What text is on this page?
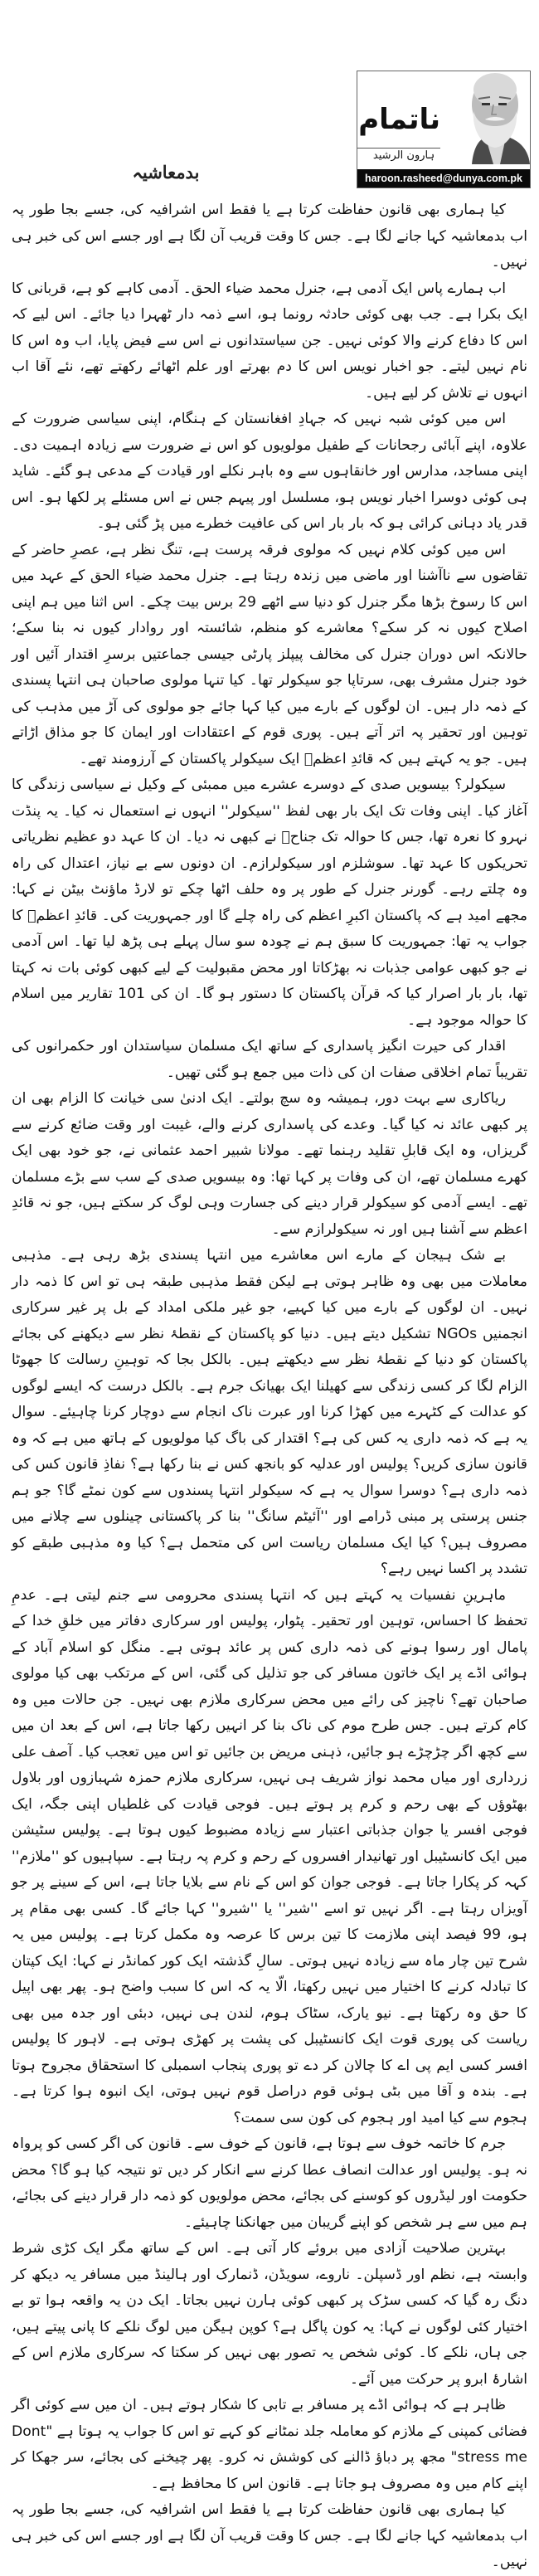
بدمعاشیہ
ناتمام
ہارون الرشید
haroon.rasheed@dunya.com.pk

کیا ہماری بھی قانون حفاظت کرتا ہے یا فقط اس اشرافیہ کی، جسے بجا طور پہ اب بدمعاشیہ کہا جانے لگا ہے۔ جس کا وقت قریب آن لگا ہے اور جسے اس کی خبر ہی نہیں۔

اب ہمارے پاس ایک آدمی ہے، جنرل محمد ضیاء الحق۔ آدمی کاہے کو ہے، قربانی کا ایک بکرا ہے۔ جب بھی کوئی حادثہ رونما ہو، اسے ذمہ دار ٹھہرا دیا جائے۔ اس لیے کہ اس کا دفاع کرنے والا کوئی نہیں۔ جن سیاستدانوں نے اس سے فیض پایا، اب وہ اس کا نام نہیں لیتے۔ جو اخبار نویس اس کا دم بھرتے اور علم اٹھائے رکھتے تھے، نئے آقا اب انہوں نے تلاش کر لیے ہیں۔

اس میں کوئی شبہ نہیں کہ جہادِ افغانستان کے ہنگام، اپنی سیاسی ضرورت کے علاوہ، اپنے آبائی رجحانات کے طفیل مولویوں کو اس نے ضرورت سے زیادہ اہمیت دی۔ اپنی مساجد، مدارس اور خانقاہوں سے وہ باہر نکلے اور قیادت کے مدعی ہو گئے۔ شاید ہی کوئی دوسرا اخبار نویس ہو، مسلسل اور پیہم جس نے اس مسئلے پر لکھا ہو۔ اس قدر یاد دہانی کرائی ہو کہ بار بار اس کی عافیت خطرے میں پڑ گئی ہو۔

اس میں کوئی کلام نہیں کہ مولوی فرقہ پرست ہے، تنگ نظر ہے، عصرِ حاضر کے تقاضوں سے ناآشنا اور ماضی میں زندہ رہتا ہے۔ جنرل محمد ضیاء الحق کے عہد میں اس کا رسوخ بڑھا مگر جنرل کو دنیا سے اٹھے 29 برس بیت چکے۔ اس اثنا میں ہم اپنی اصلاح کیوں نہ کر سکے؟ معاشرے کو منظم، شائستہ اور روادار کیوں نہ بنا سکے؛ حالانکہ اس دوران جنرل کی مخالف پیپلز پارٹی جیسی جماعتیں برسرِ اقتدار آئیں اور خود جنرل مشرف بھی، سرتاپا جو سیکولر تھا۔ کیا تنہا مولوی صاحبان ہی انتہا پسندی کے ذمہ دار ہیں۔ ان لوگوں کے بارے میں کیا کہا جائے جو مولوی کی آڑ میں مذہب کی توہین اور تحقیر پہ اتر آتے ہیں۔ پوری قوم کے اعتقادات اور ایمان کا جو مذاق اڑاتے ہیں۔ جو یہ کہتے ہیں کہ قائدِ اعظمؒ ایک سیکولر پاکستان کے آرزومند تھے۔

سیکولر؟ بیسویں صدی کے دوسرے عشرے میں ممبئی کے وکیل نے سیاسی زندگی کا آغاز کیا۔ اپنی وفات تک ایک بار بھی لفظ ''سیکولر'' انہوں نے استعمال نہ کیا۔ یہ پنڈت نہرو کا نعرہ تھا، جس کا حوالہ تک جناحؒ نے کبھی نہ دیا۔ ان کا عہد دو عظیم نظریاتی تحریکوں کا عہد تھا۔ سوشلزم اور سیکولرازم۔ ان دونوں سے بے نیاز، اعتدال کی راہ وہ چلتے رہے۔ گورنر جنرل کے طور پر وہ حلف اٹھا چکے تو لارڈ ماؤنٹ بیٹن نے کہا: مجھے امید ہے کہ پاکستان اکبرِ اعظم کی راہ چلے گا اور جمہوریت کی۔ قائدِ اعظمؒ کا جواب یہ تھا: جمہوریت کا سبق ہم نے چودہ سو سال پہلے ہی پڑھ لیا تھا۔ اس آدمی نے جو کبھی عوامی جذبات نہ بھڑکاتا اور محض مقبولیت کے لیے کبھی کوئی بات نہ کہتا تھا، بار بار اصرار کیا کہ قرآن پاکستان کا دستور ہو گا۔ ان کی 101 تقاریر میں اسلام کا حوالہ موجود ہے۔

اقدار کی حیرت انگیز پاسداری کے ساتھ ایک مسلمان سیاستدان اور حکمرانوں کی تقریباً تمام اخلاقی صفات ان کی ذات میں جمع ہو گئی تھیں۔

ریاکاری سے بہت دور، ہمیشہ وہ سچ بولتے۔ ایک ادنیٰ سی خیانت کا الزام بھی ان پر کبھی عائد نہ کیا گیا۔ وعدے کی پاسداری کرنے والے، غیبت اور وقت ضائع کرنے سے گریزاں، وہ ایک قابلِ تقلید رہنما تھے۔ مولانا شبیر احمد عثمانی نے، جو خود بھی ایک کھرے مسلمان تھے، ان کی وفات پر کہا تھا: وہ بیسویں صدی کے سب سے بڑے مسلمان تھے۔ ایسے آدمی کو سیکولر قرار دینے کی جسارت وہی لوگ کر سکتے ہیں، جو نہ قائدِ اعظم سے آشنا ہیں اور نہ سیکولرازم سے۔

بے شک ہیجان کے مارے اس معاشرے میں انتہا پسندی بڑھ رہی ہے۔ مذہبی معاملات میں بھی وہ ظاہر ہوتی ہے لیکن فقط مذہبی طبقہ ہی تو اس کا ذمہ دار نہیں۔ ان لوگوں کے بارے میں کیا کہیے، جو غیر ملکی امداد کے بل پر غیر سرکاری انجمنیں NGOs تشکیل دیتے ہیں۔ دنیا کو پاکستان کے نقطۂ نظر سے دیکھنے کی بجائے پاکستان کو دنیا کے نقطۂ نظر سے دیکھتے ہیں۔ بالکل بجا کہ توہینِ رسالت کا جھوٹا الزام لگا کر کسی زندگی سے کھیلنا ایک بھیانک جرم ہے۔ بالکل درست کہ ایسے لوگوں کو عدالت کے کٹہرے میں کھڑا کرنا اور عبرت ناک انجام سے دوچار کرنا چاہیئے۔ سوال یہ ہے کہ ذمہ داری یہ کس کی ہے؟ اقتدار کی باگ کیا مولویوں کے ہاتھ میں ہے کہ وہ قانون سازی کریں؟ پولیس اور عدلیہ کو بانجھ کس نے بنا رکھا ہے؟ نفاذِ قانون کس کی ذمہ داری ہے؟ دوسرا سوال یہ ہے کہ سیکولر انتہا پسندوں سے کون نمٹے گا؟ جو ہم جنس پرستی پر مبنی ڈرامے اور ''آئیٹم سانگ'' بنا کر پاکستانی چینلوں سے چلانے میں مصروف ہیں؟ کیا ایک مسلمان ریاست اس کی متحمل ہے؟ کیا وہ مذہبی طبقے کو تشدد پر اکسا نہیں رہے؟

ماہرینِ نفسیات یہ کہتے ہیں کہ انتہا پسندی محرومی سے جنم لیتی ہے۔ عدمِ تحفظ کا احساس، توہین اور تحقیر۔ پٹوار، پولیس اور سرکاری دفاتر میں خلقِ خدا کے پامال اور رسوا ہونے کی ذمہ داری کس پر عائد ہوتی ہے۔ منگل کو اسلام آباد کے ہوائی اڈے پر ایک خاتون مسافر کی جو تذلیل کی گئی، اس کے مرتکب بھی کیا مولوی صاحبان تھے؟ ناچیز کی رائے میں محض سرکاری ملازم بھی نہیں۔ جن حالات میں وہ کام کرتے ہیں۔ جس طرح موم کی ناک بنا کر انہیں رکھا جاتا ہے، اس کے بعد ان میں سے کچھ اگر چڑچڑے ہو جائیں، ذہنی مریض بن جائیں تو اس میں تعجب کیا۔ آصف علی زرداری اور میاں محمد نواز شریف ہی نہیں، سرکاری ملازم حمزہ شہبازوں اور بلاول بھٹوؤں کے بھی رحم و کرم پر ہوتے ہیں۔ فوجی قیادت کی غلطیاں اپنی جگہ، ایک فوجی افسر یا جوان جذباتی اعتبار سے زیادہ مضبوط کیوں ہوتا ہے۔ پولیس سٹیشن میں ایک کانسٹیبل اور تھانیدار افسروں کے رحم و کرم پہ رہتا ہے۔ سپاہیوں کو ''ملازم'' کہہ کر پکارا جاتا ہے۔ فوجی جوان کو اس کے نام سے بلایا جاتا ہے، اس کے سینے پر جو آویزاں رہتا ہے۔ اگر نہیں تو اسے ''شیر'' یا ''شیرو'' کہا جائے گا۔ کسی بھی مقام پر ہو، 99 فیصد اپنی ملازمت کا تین برس کا عرصہ وہ مکمل کرتا ہے۔ پولیس میں یہ شرح تین چار ماہ سے زیادہ نہیں ہوتی۔ سالِ گذشتہ ایک کور کمانڈر نے کہا: ایک کپتان کا تبادلہ کرنے کا اختیار میں نہیں رکھتا، الّا یہ کہ اس کا سبب واضح ہو۔ پھر بھی اپیل کا حق وہ رکھتا ہے۔ نیو یارک، سٹاک ہوم، لندن ہی نہیں، دبئی اور جدہ میں بھی ریاست کی پوری قوت ایک کانسٹیبل کی پشت پر کھڑی ہوتی ہے۔ لاہور کا پولیس افسر کسی ایم پی اے کا چالان کر دے تو پوری پنجاب اسمبلی کا استحقاق مجروح ہوتا ہے۔ بندہ و آقا میں بٹی ہوئی قوم دراصل قوم نہیں ہوتی، ایک انبوہ ہوا کرتا ہے۔ ہجوم سے کیا امید اور ہجوم کی کون سی سمت؟

جرم کا خاتمہ خوف سے ہوتا ہے، قانون کے خوف سے۔ قانون کی اگر کسی کو پرواہ نہ ہو۔ پولیس اور عدالت انصاف عطا کرنے سے انکار کر دیں تو نتیجہ کیا ہو گا؟ محض حکومت اور لیڈروں کو کوسنے کی بجائے، محض مولویوں کو ذمہ دار قرار دینے کی بجائے، ہم میں سے ہر شخص کو اپنے گریبان میں جھانکنا چاہیئے۔

بہترین صلاحیت آزادی میں بروئے کار آتی ہے۔ اس کے ساتھ مگر ایک کڑی شرط وابستہ ہے، نظم اور ڈسپلن۔ ناروے، سویڈن، ڈنمارک اور ہالینڈ میں مسافر یہ دیکھ کر دنگ رہ گیا کہ کسی سڑک پر کبھی کوئی ہارن نہیں بجاتا۔ ایک دن یہ واقعہ ہوا تو بے اختیار کئی لوگوں نے کہا: یہ کون پاگل ہے؟ کوپن ہیگن میں لوگ نلکے کا پانی پیتے ہیں، جی ہاں، نلکے کا۔ کوئی شخص یہ تصور بھی نہیں کر سکتا کہ سرکاری ملازم اس کے اشارۂ ابرو پر حرکت میں آئے۔

ظاہر ہے کہ ہوائی اڈے پر مسافر بے تابی کا شکار ہوتے ہیں۔ ان میں سے کوئی اگر فضائی کمپنی کے ملازم کو معاملہ جلد نمٹانے کو کہے تو اس کا جواب یہ ہوتا ہے "Dont stress me" مجھ پر دباؤ ڈالنے کی کوشش نہ کرو۔ پھر چیخنے کی بجائے، سر جھکا کر اپنے کام میں وہ مصروف ہو جاتا ہے۔ قانون اس کا محافظ ہے۔

کیا ہماری بھی قانون حفاظت کرتا ہے یا فقط اس اشرافیہ کی، جسے بجا طور پہ اب بدمعاشیہ کہا جانے لگا ہے۔ جس کا وقت قریب آن لگا ہے اور جسے اس کی خبر ہی نہیں۔
